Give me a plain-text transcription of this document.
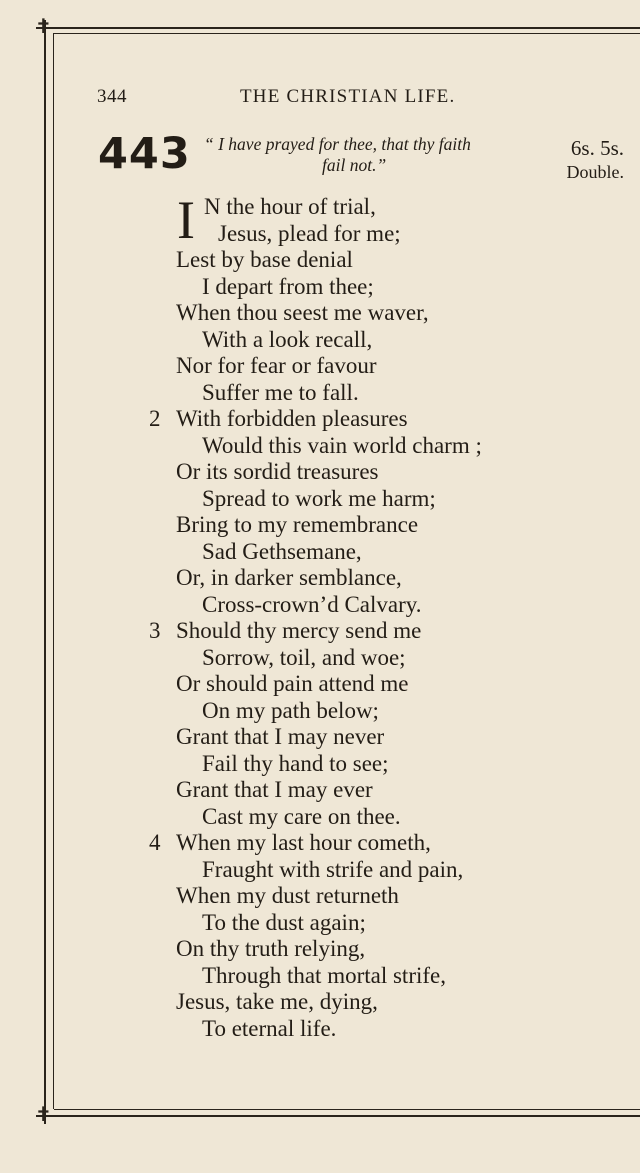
✝
✝
344	THE CHRISTIAN LIFE.
443 “ I have prayed for thee, that thy faith
fail not.”
6s. 5s.
Double.
I N the hour of trial,
Jesus, plead for me;
Lest by base denial
I depart from thee;
When thou seest me waver,
With a look recall,
Nor for fear or favour
Suffer me to fall.
2 With forbidden pleasures
Would this vain world charm ;
Or its sordid treasures
Spread to work me harm;
Bring to my remembrance
Sad Gethsemane,
Or, in darker semblance,
Cross-crown’d Calvary.
3 Should thy mercy send me
Sorrow, toil, and woe;
Or should pain attend me
On my path below;
Grant that I may never
Fail thy hand to see;
Grant that I may ever
Cast my care on thee.
4 When my last hour cometh,
Fraught with strife and pain,
When my dust returneth
To the dust again;
On thy truth relying,
Through that mortal strife,
Jesus, take me, dying,
To eternal life.
